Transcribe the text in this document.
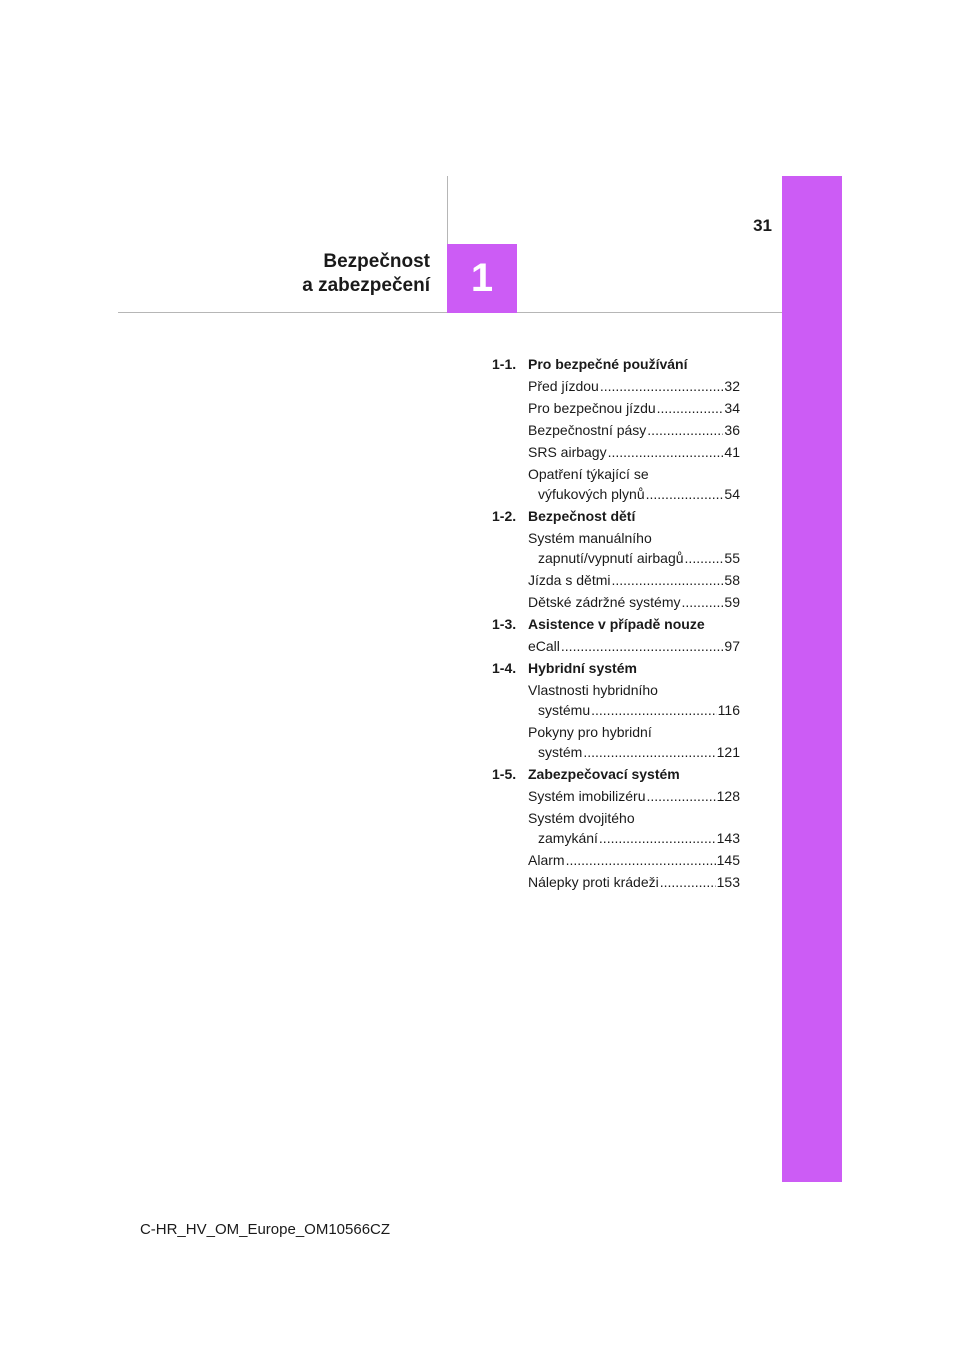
1
31
Bezpečnost
a zabezpečení
1-1. Pro bezpečné používání
Před jízdou .....	32
Pro bezpečnou jízdu .....	34
Bezpečnostní pásy .....	36
SRS airbagy .....	41
Opatření týkající se
výfukových plynů .....	54
1-2. Bezpečnost dětí
Systém manuálního
zapnutí/vypnutí airbagů .....	55
Jízda s dětmi .....	58
Dětské zádržné systémy .....	59
1-3. Asistence v případě nouze
eCall .....	97
1-4. Hybridní systém
Vlastnosti hybridního
systému .....	116
Pokyny pro hybridní
systém .....	121
1-5. Zabezpečovací systém
Systém imobilizéru .....	128
Systém dvojitého
zamykání .....	143
Alarm .....	145
Nálepky proti krádeži .....	153
C-HR_HV_OM_Europe_OM10566CZ
